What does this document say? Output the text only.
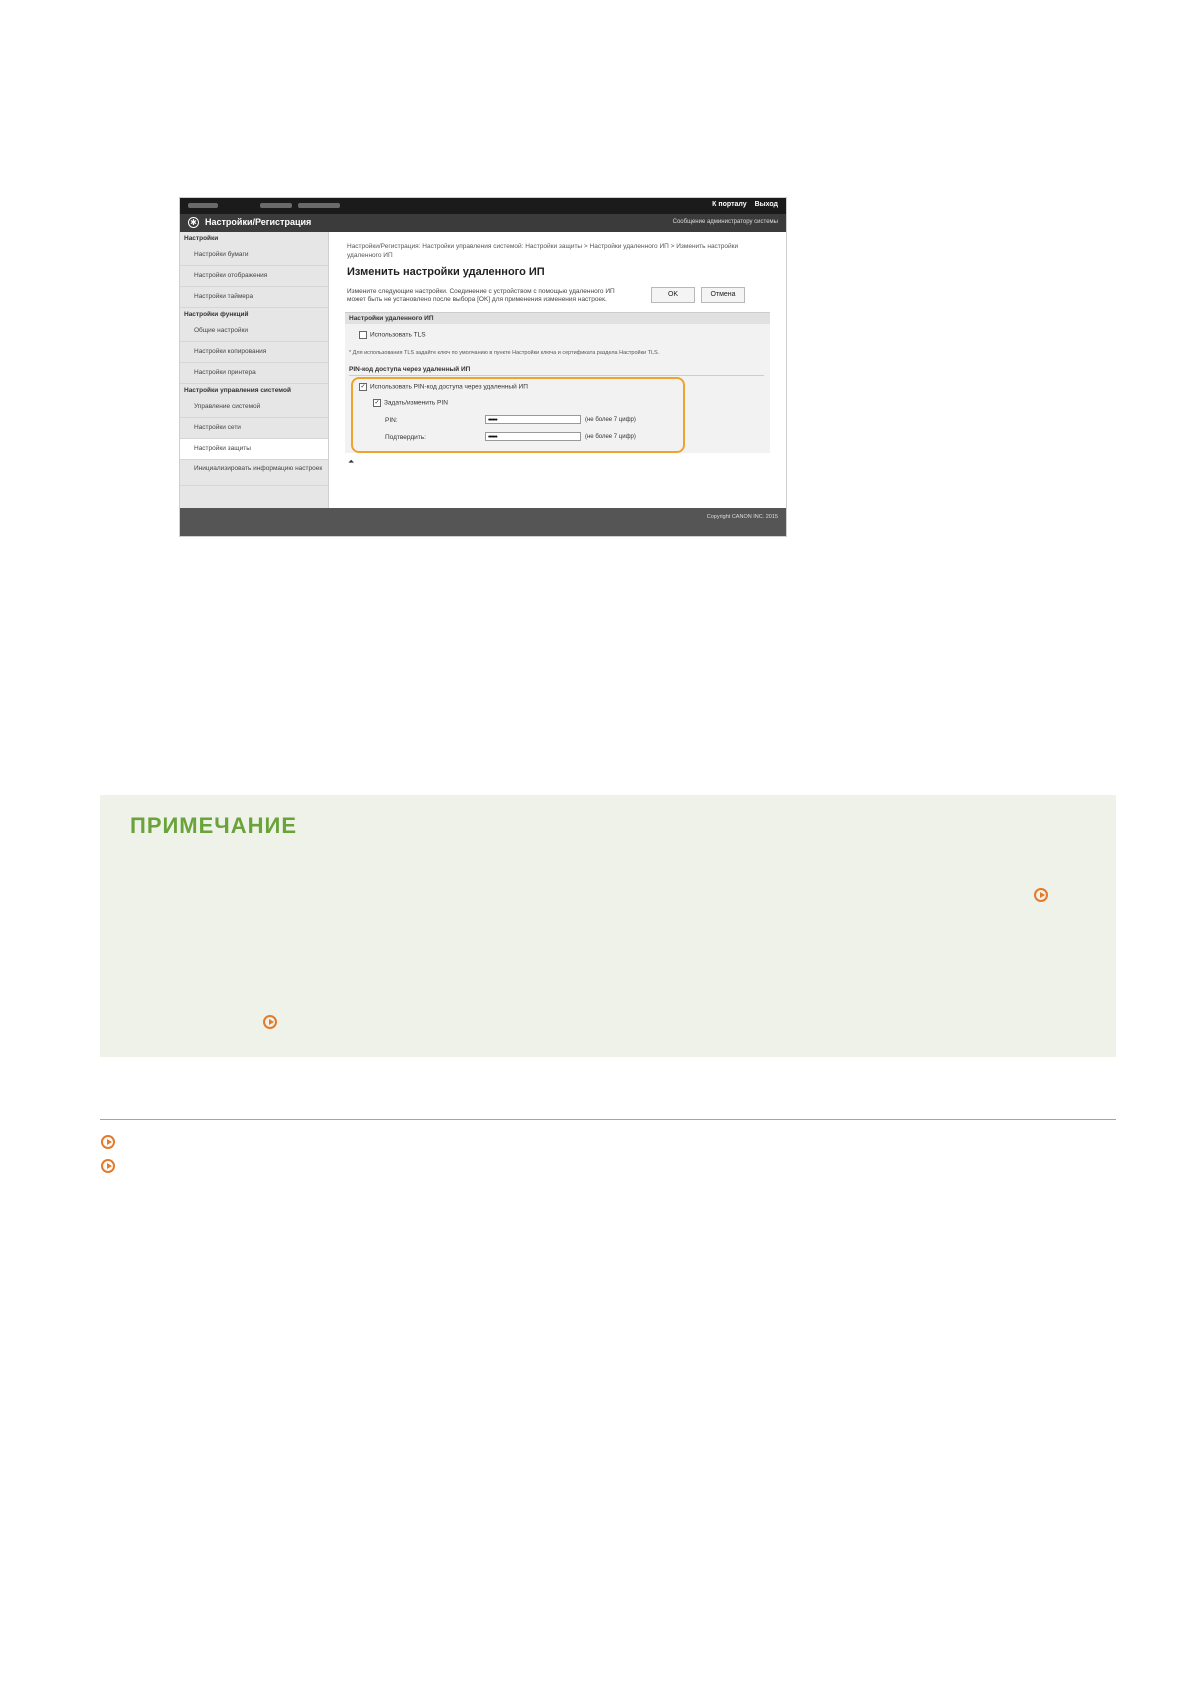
К порталу Выход
✱ Настройки/Регистрация	Сообщение администратору системы
Настройки
Настройки бумаги
Настройки отображения
Настройки таймера
Настройки функций
Общие настройки
Настройки копирования
Настройки принтера
Настройки управления системой
Управление системой
Настройки сети
Настройки защиты
Инициализировать информацию настроек
Настройки/Регистрация: Настройки управления системой: Настройки защиты > Настройки удаленного ИП > Изменить настройки удаленного ИП
Изменить настройки удаленного ИП
Измените следующие настройки. Соединение с устройством с помощью удаленного ИП может быть не установлено после выбора [OK] для применения изменения настроек.
OK	Отмена
Настройки удаленного ИП
Использовать TLS
* Для использования TLS задайте ключ по умолчанию в пункте Настройки ключа и сертификата раздела Настройки TLS.
PIN-код доступа через удаленный ИП
✓ Использовать PIN-код доступа через удаленный ИП
✓ Задать/изменить PIN
PIN:	••••••	(не более 7 цифр)
Подтвердить:	••••••	(не более 7 цифр)
⏶
Copyright CANON INC. 2015
ПРИМЕЧАНИЕ
